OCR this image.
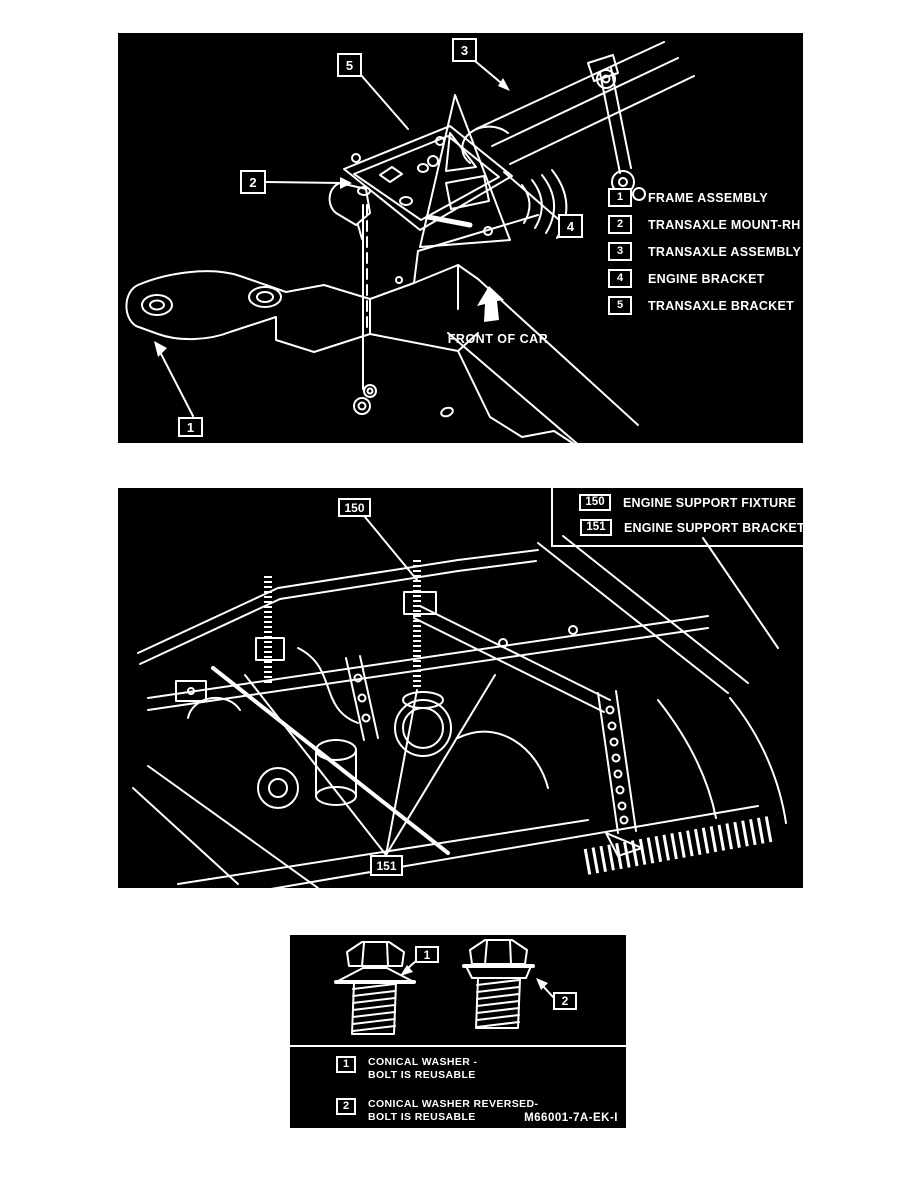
1
2
3
4
5
1	FRAME ASSEMBLY
2	TRANSAXLE MOUNT-RH
3	TRANSAXLE ASSEMBLY
4	ENGINE BRACKET
5	TRANSAXLE BRACKET
FRONT OF CAR
150
151
150	ENGINE SUPPORT FIXTURE
151	ENGINE SUPPORT BRACKETS
1
2
1	CONICAL WASHER -
BOLT IS REUSABLE
2	CONICAL WASHER REVERSED-
BOLT IS REUSABLE	M66001-7A-EK-I
